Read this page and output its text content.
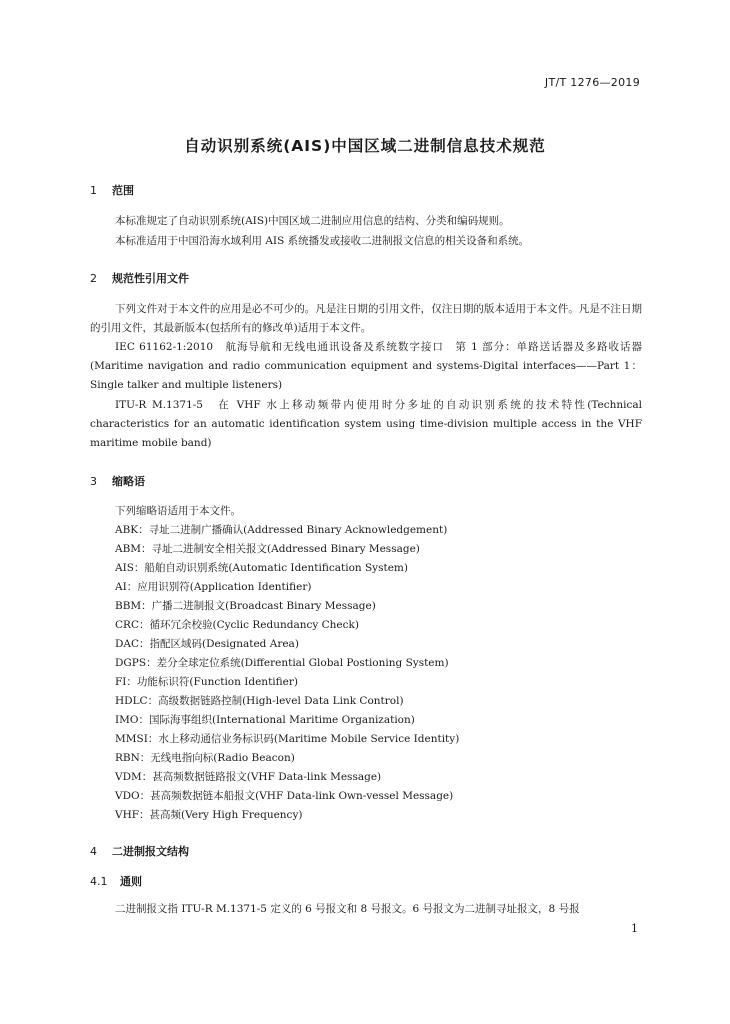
JT/T 1276—2019
自动识别系统(AIS)中国区域二进制信息技术规范
1 范围
本标准规定了自动识别系统(AIS)中国区域二进制应用信息的结构、分类和编码规则。
本标准适用于中国沿海水域利用 AIS 系统播发或接收二进制报文信息的相关设备和系统。
2 规范性引用文件
下列文件对于本文件的应用是必不可少的。凡是注日期的引用文件，仅注日期的版本适用于本文件。凡是不注日期的引用文件，其最新版本(包括所有的修改单)适用于本文件。
IEC 61162-1:2010　航海导航和无线电通讯设备及系统数字接口　第 1 部分：单路送话器及多路收话器(Maritime navigation and radio communication equipment and systems-Digital interfaces——Part 1：Single talker and multiple listeners)
ITU-R M.1371-5　在 VHF 水上移动频带内使用时分多址的自动识别系统的技术特性(Technical characteristics for an automatic identification system using time-division multiple access in the VHF maritime mobile band)
3 缩略语
下列缩略语适用于本文件。
ABK：寻址二进制广播确认(Addressed Binary Acknowledgement)
ABM：寻址二进制安全相关报文(Addressed Binary Message)
AIS：船舶自动识别系统(Automatic Identification System)
AI：应用识别符(Application Identifier)
BBM：广播二进制报文(Broadcast Binary Message)
CRC：循环冗余校验(Cyclic Redundancy Check)
DAC：指配区域码(Designated Area)
DGPS：差分全球定位系统(Differential Global Postioning System)
FI：功能标识符(Function Identifier)
HDLC：高级数据链路控制(High-level Data Link Control)
IMO：国际海事组织(International Maritime Organization)
MMSI：水上移动通信业务标识码(Maritime Mobile Service Identity)
RBN：无线电指向标(Radio Beacon)
VDM：甚高频数据链路报文(VHF Data-link Message)
VDO：甚高频数据链本船报文(VHF Data-link Own-vessel Message)
VHF：甚高频(Very High Frequency)
4 二进制报文结构
4.1 通则
二进制报文指 ITU-R M.1371-5 定义的 6 号报文和 8 号报文。6 号报文为二进制寻址报文，8 号报
1
